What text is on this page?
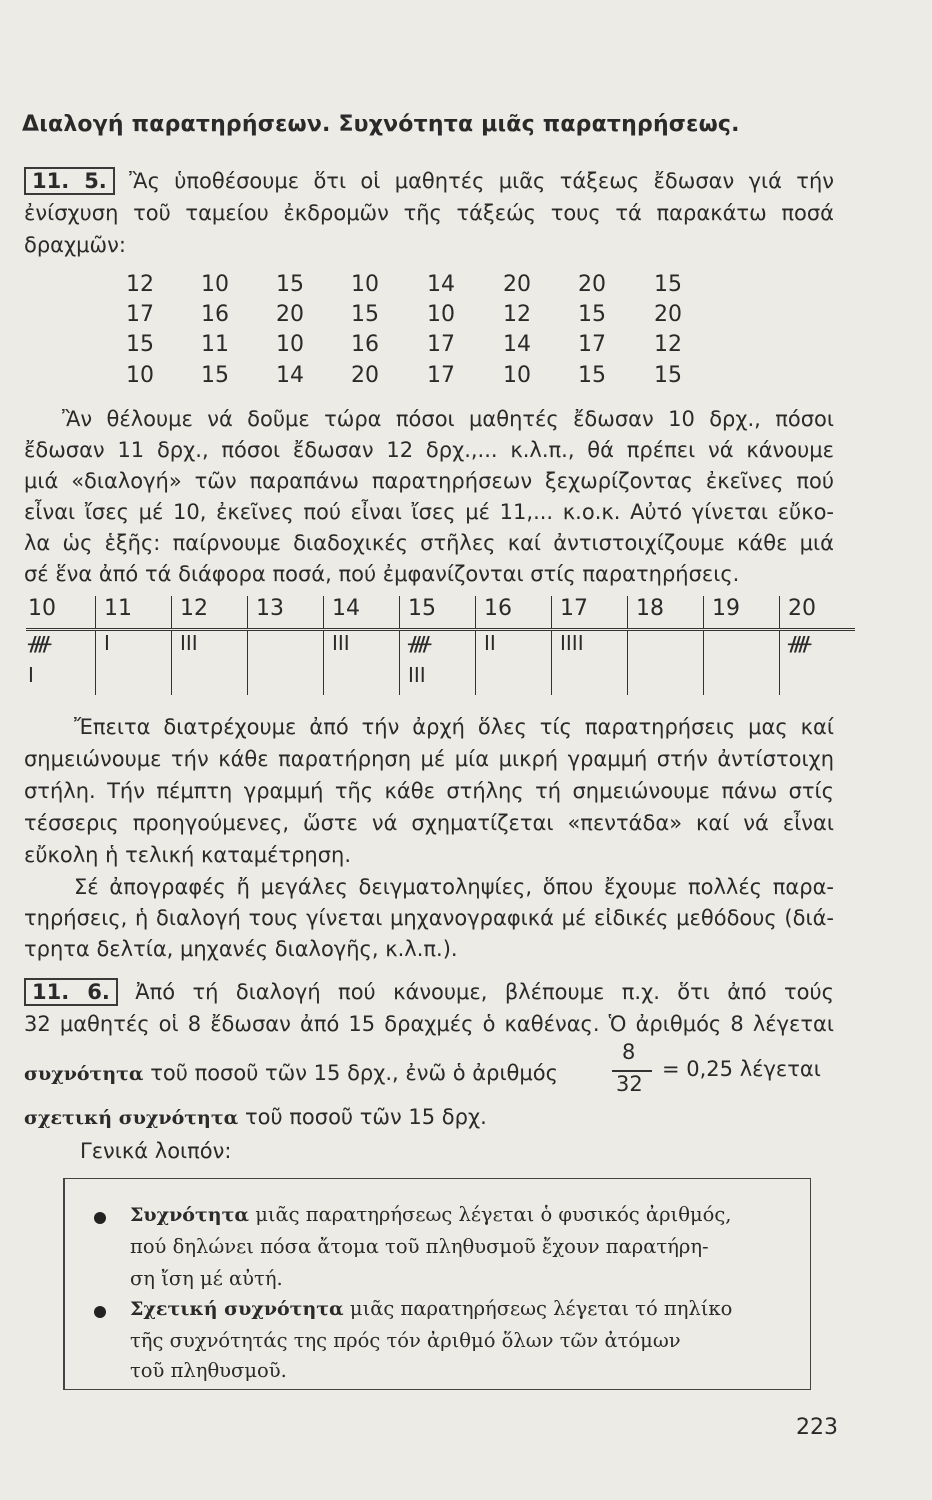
Διαλογή παρατηρήσεων. Συχνότητα μιᾶς παρατηρήσεως.
11. 5. Ἂς ὑποθέσουμε ὅτι οἱ μαθητές μιᾶς τάξεως ἔδωσαν γιά τήν
ἐνίσχυση τοῦ ταμείου ἐκδρομῶν τῆς τάξεώς τους τά παρακάτω ποσά
δραχμῶν:
12	10	15	10	14	20	20	15
17	16	20	15	10	12	15	20
15	11	10	16	17	14	17	12
10	15	14	20	17	10	15	15
Ἂν θέλουμε νά δοῦμε τώρα πόσοι μαθητές ἔδωσαν 10 δρχ., πόσοι
ἔδωσαν 11 δρχ., πόσοι ἔδωσαν 12 δρχ.,... κ.λ.π., θά πρέπει νά κάνουμε
μιά «διαλογή» τῶν παραπάνω παρατηρήσεων ξεχωρίζοντας ἐκεῖνες πού
εἶναι ἴσες μέ 10, ἐκεῖνες πού εἶναι ἴσες μέ 11,... κ.ο.κ. Αὐτό γίνεται εὔκο-
λα ὡς ἑξῆς: παίρνουμε διαδοχικές στῆλες καί ἀντιστοιχίζουμε κάθε μιά
σέ ἕνα ἀπό τά διάφορα ποσά, πού ἐμφανίζονται στίς παρατηρήσεις.
10	11	12	13	14	15	16	17	18	19	20
ᚎ	I	III		III	ᚎ	II	IIII			ᚎ
I					III					
Ἔπειτα διατρέχουμε ἀπό τήν ἀρχή ὅλες τίς παρατηρήσεις μας καί
σημειώνουμε τήν κάθε παρατήρηση μέ μία μικρή γραμμή στήν ἀντίστοιχη
στήλη. Τήν πέμπτη γραμμή τῆς κάθε στήλης τή σημειώνουμε πάνω στίς
τέσσερις προηγούμενες, ὥστε νά σχηματίζεται «πεντάδα» καί νά εἶναι
εὔκολη ἡ τελική καταμέτρηση.
Σέ ἀπογραφές ἤ μεγάλες δειγματοληψίες, ὅπου ἔχουμε πολλές παρα-
τηρήσεις, ἡ διαλογή τους γίνεται μηχανογραφικά μέ εἰδικές μεθόδους (διά-
τρητα δελτία, μηχανές διαλογῆς, κ.λ.π.).
11. 6. Ἀπό τή διαλογή πού κάνουμε, βλέπουμε π.χ. ὅτι ἀπό τούς
32 μαθητές οἱ 8 ἔδωσαν ἀπό 15 δραχμές ὁ καθένας. Ὁ ἀριθμός 8 λέγεται
συχνότητα τοῦ ποσοῦ τῶν 15 δρχ., ἐνῶ ὁ ἀριθμός
8
32
= 0,25 λέγεται
σχετική συχνότητα τοῦ ποσοῦ τῶν 15 δρχ.
Γενικά λοιπόν:
Συχνότητα μιᾶς παρατηρήσεως λέγεται ὁ φυσικός ἀριθμός,
πού δηλώνει πόσα ἄτομα τοῦ πληθυσμοῦ ἔχουν παρατήρη-
ση ἴση μέ αὐτή.
Σχετική συχνότητα μιᾶς παρατηρήσεως λέγεται τό πηλίκο
τῆς συχνότητάς της πρός τόν ἀριθμό ὅλων τῶν ἀτόμων
τοῦ πληθυσμοῦ.
223
